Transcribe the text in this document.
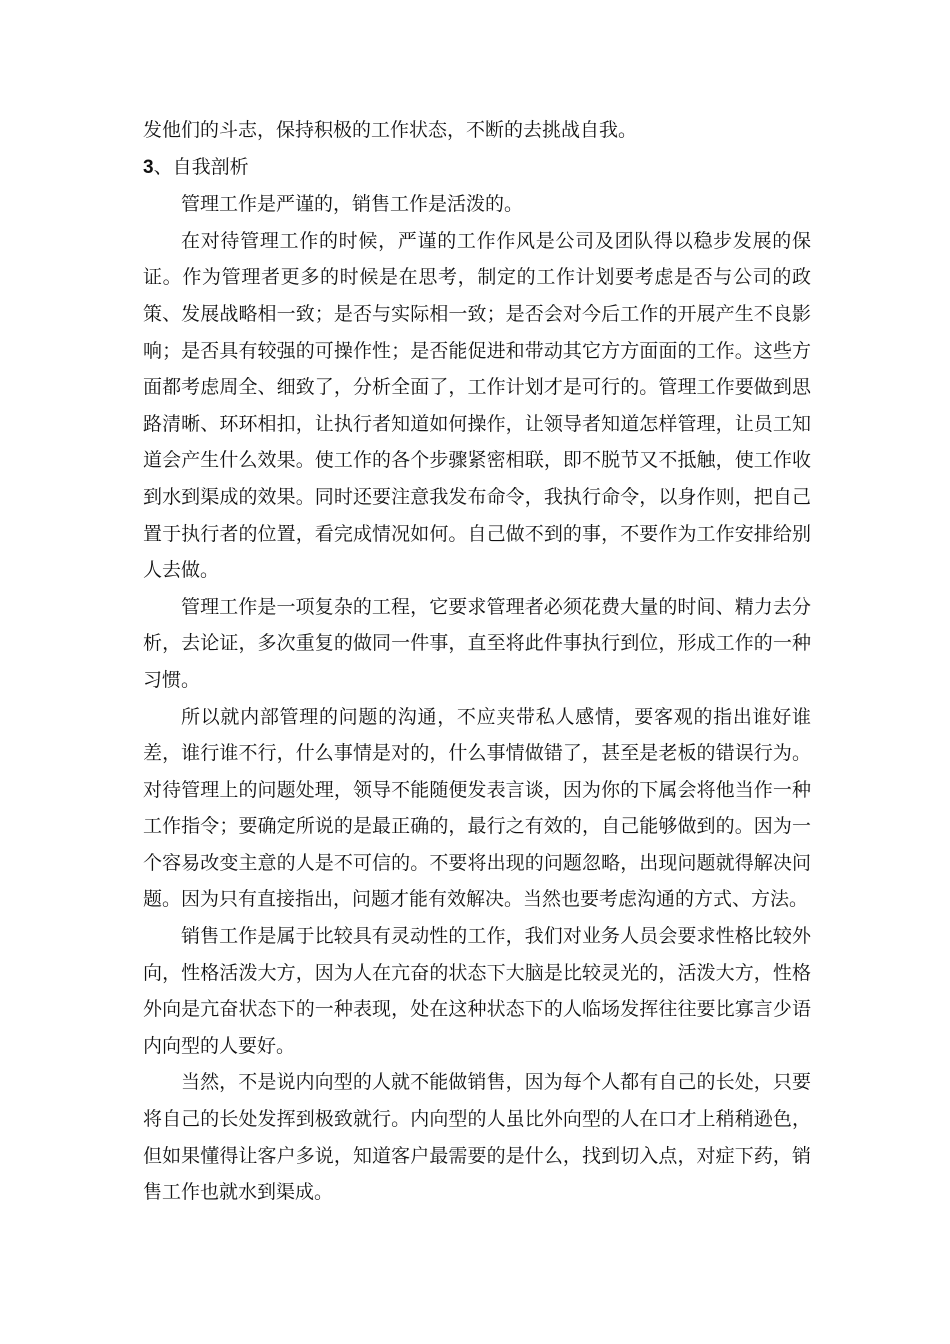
发他们的斗志，保持积极的工作状态，不断的去挑战自我。

3、自我剖析

管理工作是严谨的，销售工作是活泼的。

在对待管理工作的时候，严谨的工作作风是公司及团队得以稳步发展的保证。作为管理者更多的时候是在思考，制定的工作计划要考虑是否与公司的政策、发展战略相一致；是否与实际相一致；是否会对今后工作的开展产生不良影响；是否具有较强的可操作性；是否能促进和带动其它方方面面的工作。这些方面都考虑周全、细致了，分析全面了，工作计划才是可行的。管理工作要做到思路清晰、环环相扣，让执行者知道如何操作，让领导者知道怎样管理，让员工知道会产生什么效果。使工作的各个步骤紧密相联，即不脱节又不抵触，使工作收到水到渠成的效果。同时还要注意我发布命令，我执行命令，以身作则，把自己置于执行者的位置，看完成情况如何。自己做不到的事，不要作为工作安排给别人去做。

管理工作是一项复杂的工程，它要求管理者必须花费大量的时间、精力去分析，去论证，多次重复的做同一件事，直至将此件事执行到位，形成工作的一种习惯。

所以就内部管理的问题的沟通，不应夹带私人感情，要客观的指出谁好谁差，谁行谁不行，什么事情是对的，什么事情做错了，甚至是老板的错误行为。对待管理上的问题处理，领导不能随便发表言谈，因为你的下属会将他当作一种工作指令；要确定所说的是最正确的，最行之有效的，自己能够做到的。因为一个容易改变主意的人是不可信的。不要将出现的问题忽略，出现问题就得解决问题。因为只有直接指出，问题才能有效解决。当然也要考虑沟通的方式、方法。

销售工作是属于比较具有灵动性的工作，我们对业务人员会要求性格比较外向，性格活泼大方，因为人在亢奋的状态下大脑是比较灵光的，活泼大方，性格外向是亢奋状态下的一种表现，处在这种状态下的人临场发挥往往要比寡言少语内向型的人要好。

当然，不是说内向型的人就不能做销售，因为每个人都有自己的长处，只要将自己的长处发挥到极致就行。内向型的人虽比外向型的人在口才上稍稍逊色，但如果懂得让客户多说，知道客户最需要的是什么，找到切入点，对症下药，销售工作也就水到渠成。
